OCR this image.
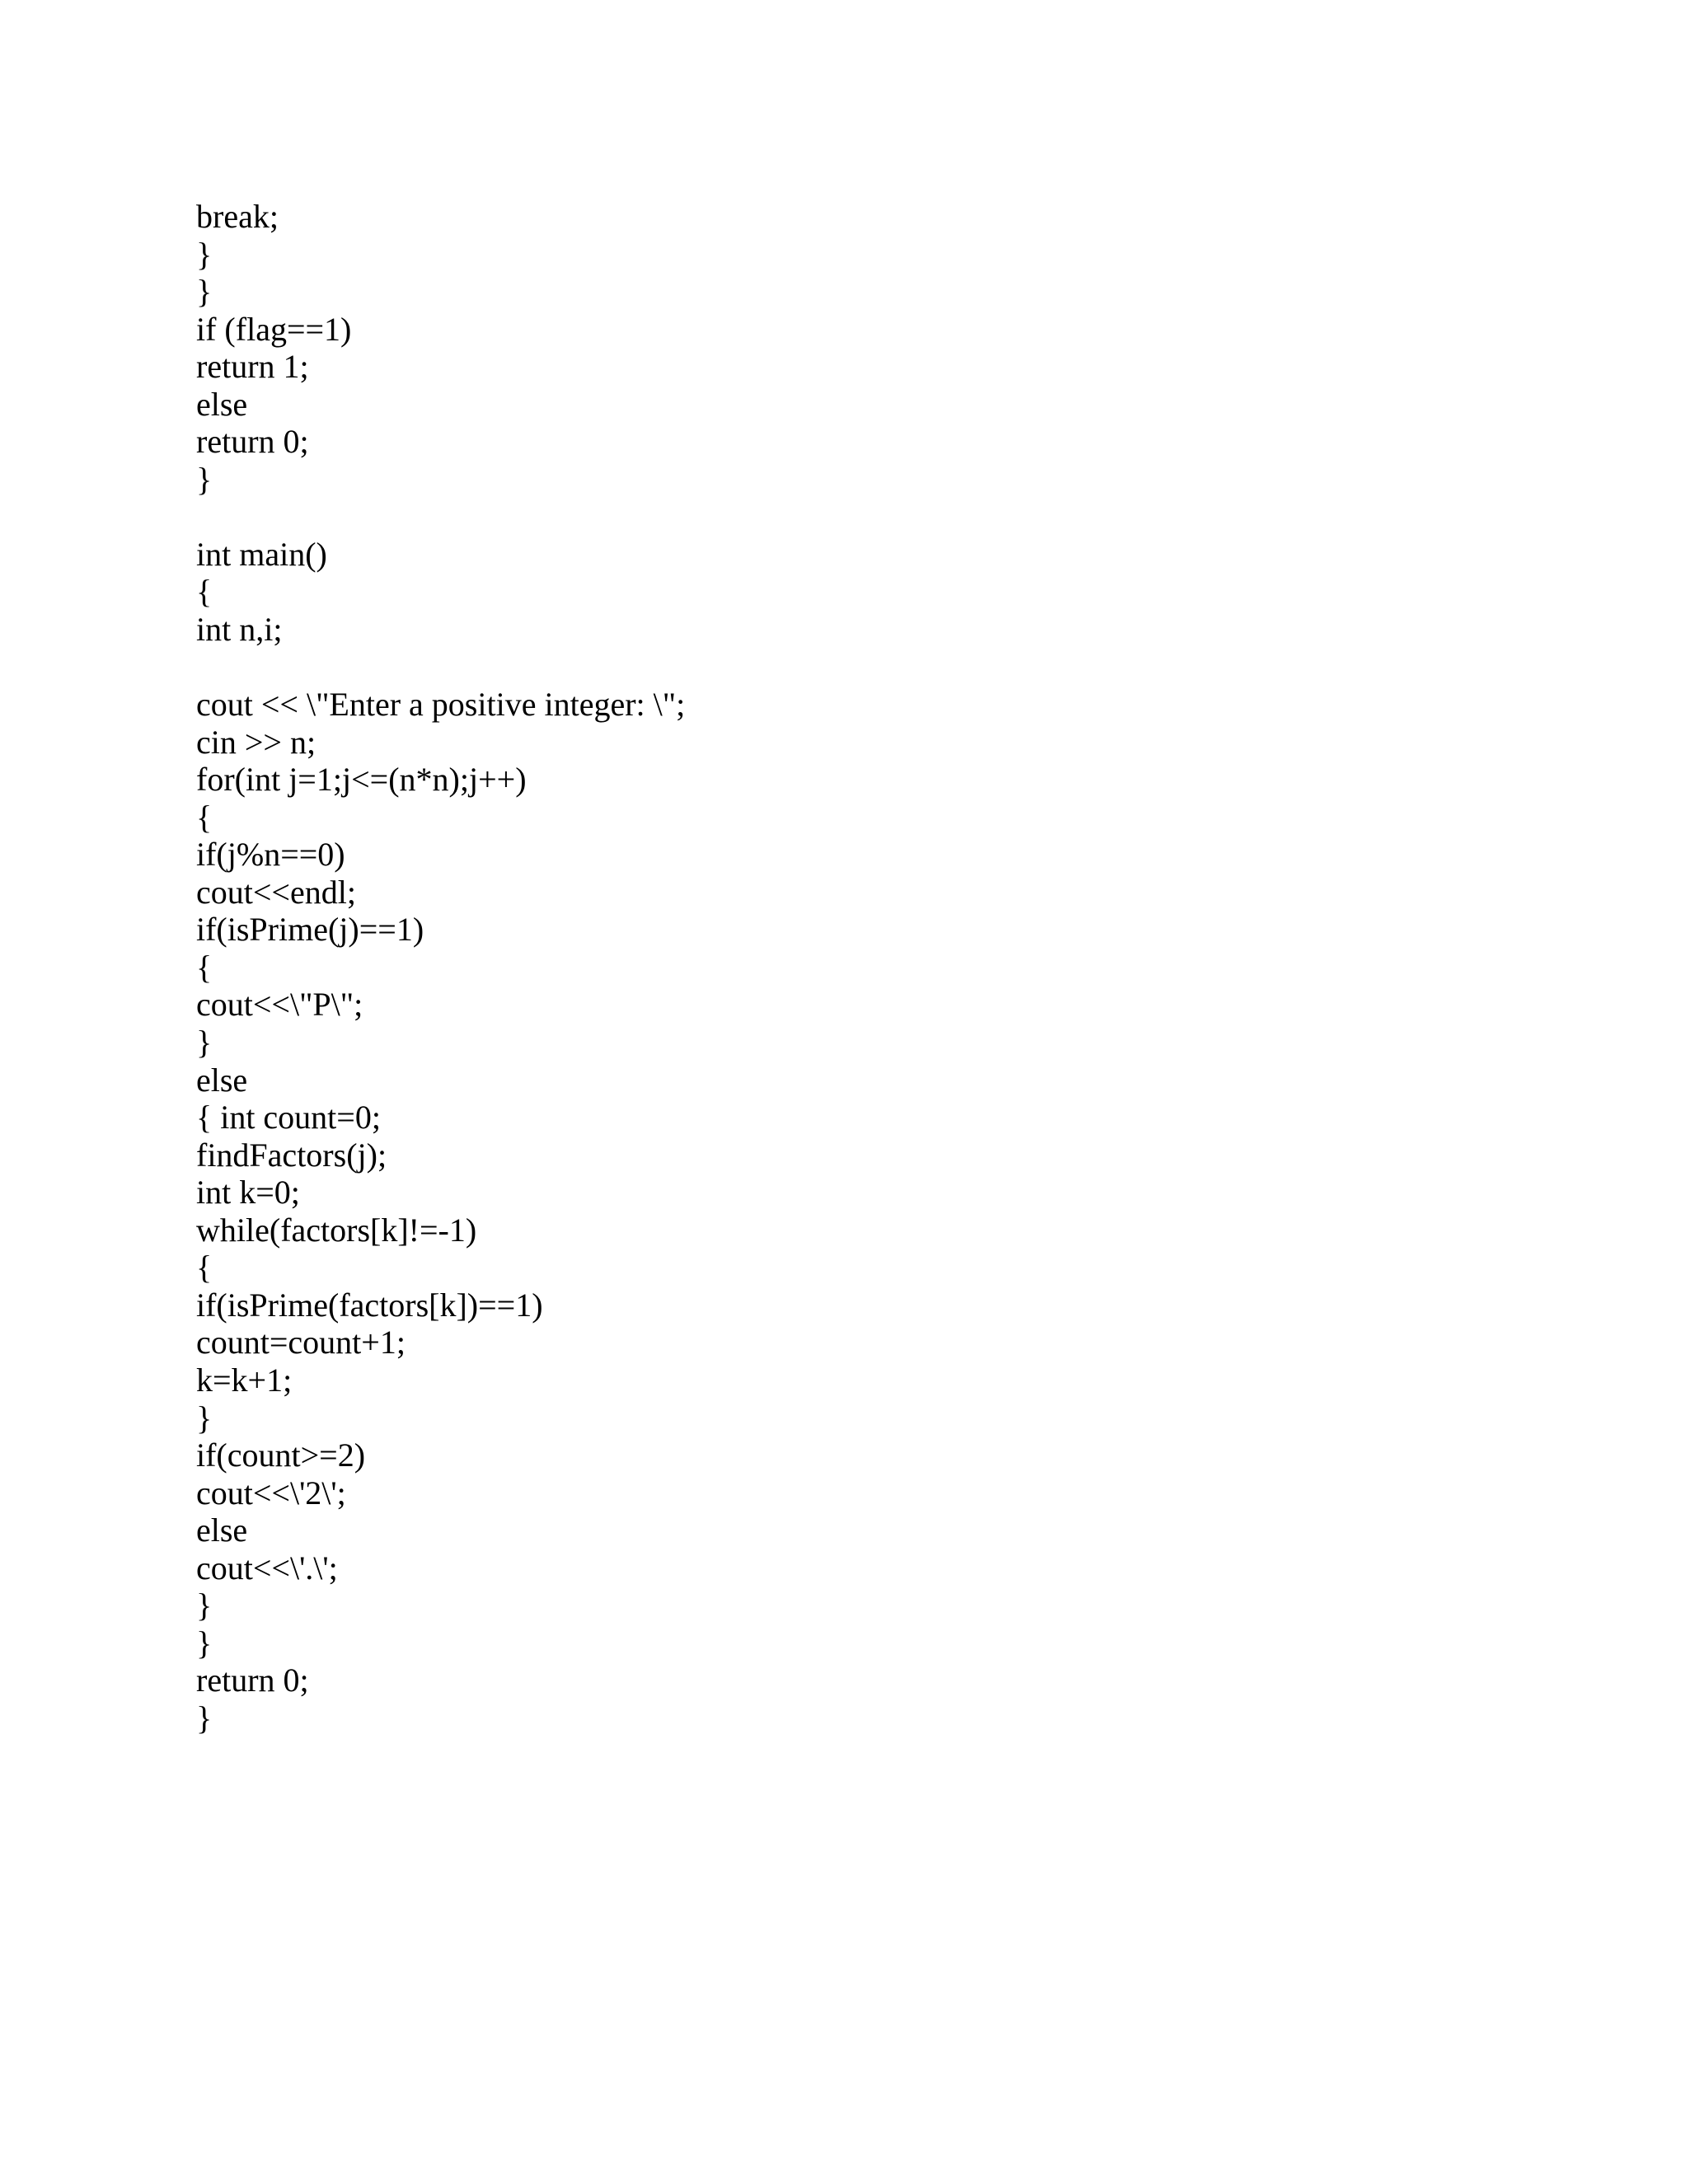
break;
}
}
if (flag==1)
return 1;
else
return 0;
}
int main()
{
int n,i;
cout << \"Enter a positive integer: \";
cin >> n;
for(int j=1;j<=(n*n);j++)
{
if(j%n==0)
cout<<endl;
if(isPrime(j)==1)
{
cout<<\"P\";
}
else
{ int count=0;
findFactors(j);
int k=0;
while(factors[k]!=-1)
{
if(isPrime(factors[k])==1)
count=count+1;
k=k+1;
}
if(count>=2)
cout<<\'2\';
else
cout<<\'.\';
}
}
return 0;
}
